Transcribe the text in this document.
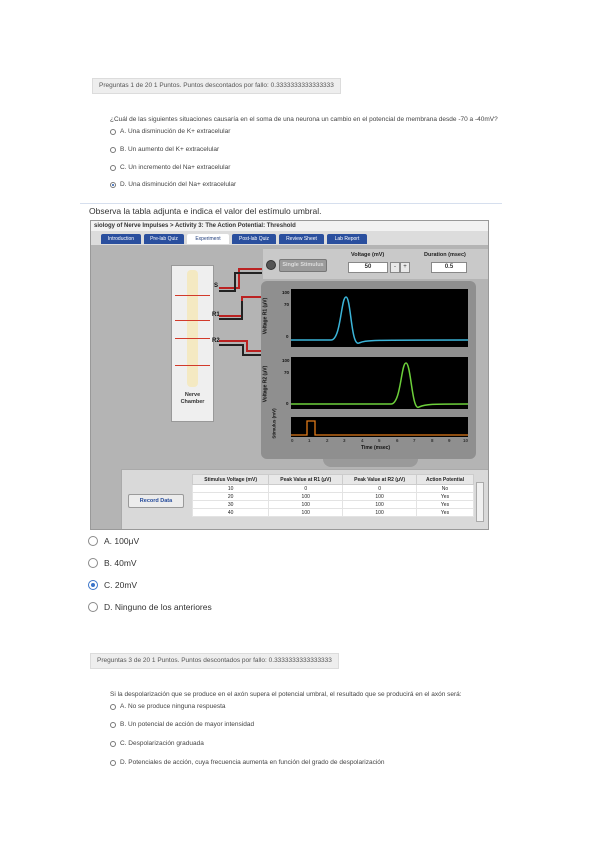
Preguntas 1 de 20 1 Puntos. Puntos descontados por fallo: 0.3333333333333333
¿Cuál de las siguientes situaciones causaría en el soma de una neurona un cambio en el potencial de membrana desde -70 a -40mV?
A. Una disminución de K+ extracelular
B. Un aumento del K+ extracelular
C. Un incremento del Na+ extracelular
D. Una disminución del Na+ extracelular
Observa la tabla adjunta e indica el valor del estímulo umbral.
siology of Nerve Impulses > Activity 3: The Action Potential: Threshold
Introduction	Pre-lab Quiz	Experiment	Post-lab Quiz	Review Sheet	Lab Report
Nerve
Chamber
S
R1
R2
Single Stimulus
Voltage (mV)
50	-	+
Duration (msec)
0.5
100
70
0
Voltage R1 (μV)
100
70
0
Voltage R2 (μV)
Stimulus (mV)
0	1	2	3	4	5	6	7	8	9	10
Time (msec)
Record Data
Stimulus Voltage (mV)	Peak Value at R1 (μV)	Peak Value at R2 (μV)	Action Potential
10	0	0	No
20	100	100	Yes
30	100	100	Yes
40	100	100	Yes
A. 100μV
B. 40mV
C. 20mV
D. Ninguno de los anteriores
Preguntas 3 de 20 1 Puntos. Puntos descontados por fallo: 0.3333333333333333
Si la despolarización que se produce en el axón supera el potencial umbral, el resultado que se producirá en el axón será:
A. No se produce ninguna respuesta
B. Un potencial de acción de mayor intensidad
C. Despolarización graduada
D. Potenciales de acción, cuya frecuencia aumenta en función del grado de despolarización
